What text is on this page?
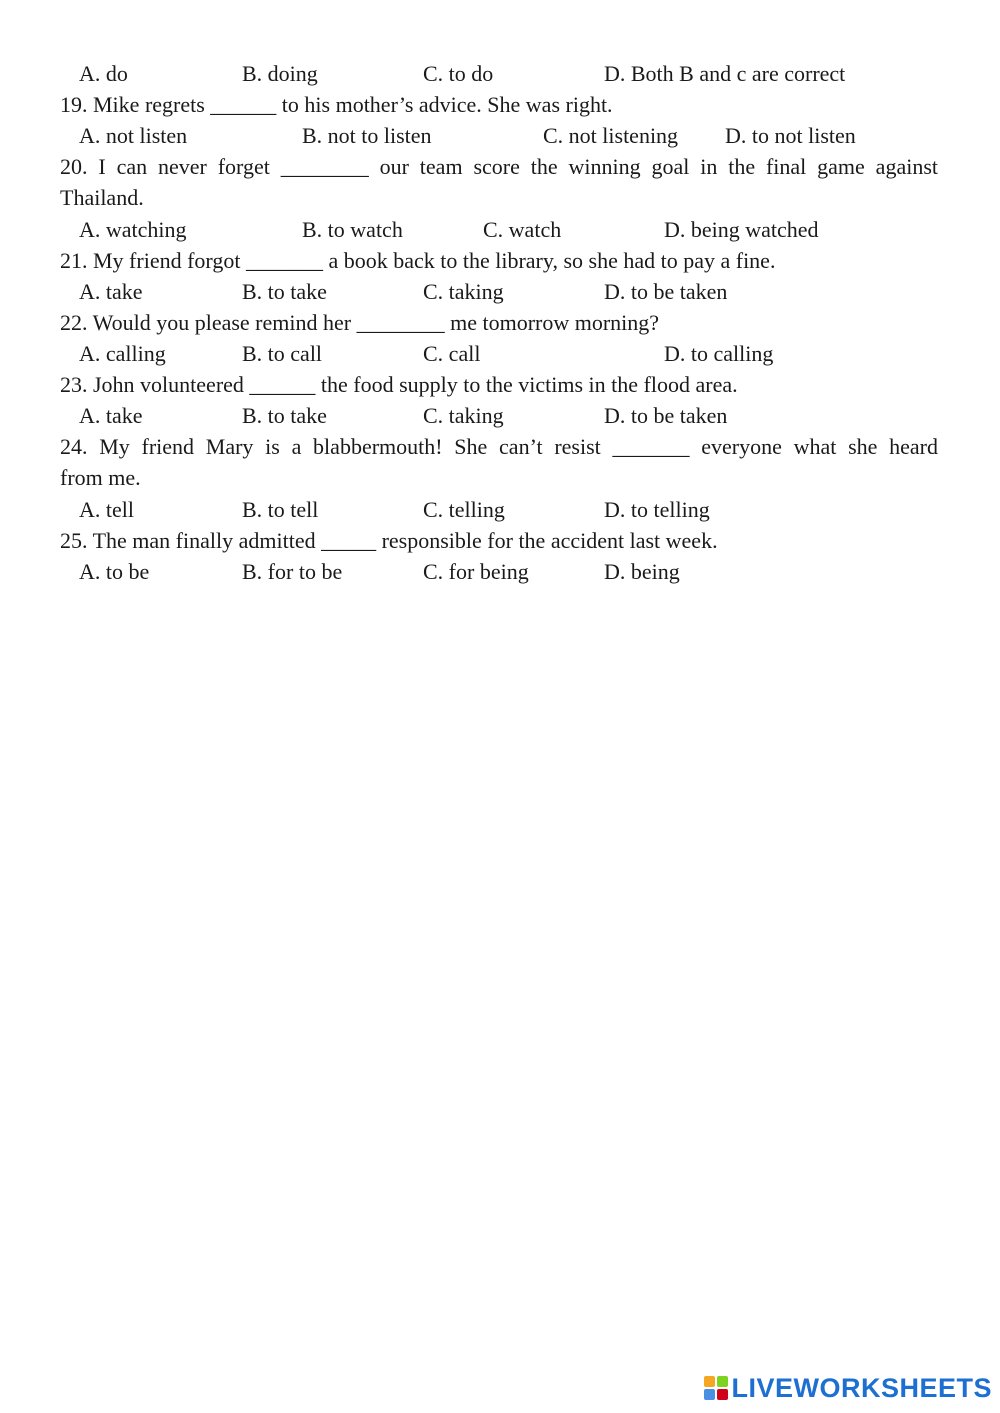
A. do	B. doing	C. to do	D. Both B and c are correct
19. Mike regrets ______ to his mother’s advice. She was right.
A. not listen	B. not to listen	C. not listening D. to not listen
20. I can never forget ________ our team score the winning goal in the final game against
Thailand.
A. watching	B. to watch	C. watch	D. being watched
21. My friend forgot _______ a book back to the library, so she had to pay a fine.
A. take	B. to take	C. taking	D. to be taken
22. Would you please remind her ________ me tomorrow morning?
A. calling	B. to call	C. call	D. to calling
23. John volunteered ______ the food supply to the victims in the flood area.
A. take	B. to take	C. taking	D. to be taken
24. My friend Mary is a blabbermouth! She can’t resist _______ everyone what she heard
from me.
A. tell	B. to tell	C. telling	D. to telling
25. The man finally admitted _____ responsible for the accident last week.
A. to be	B. for to be	C. for being	D. being
LIVEWORKSHEETS
